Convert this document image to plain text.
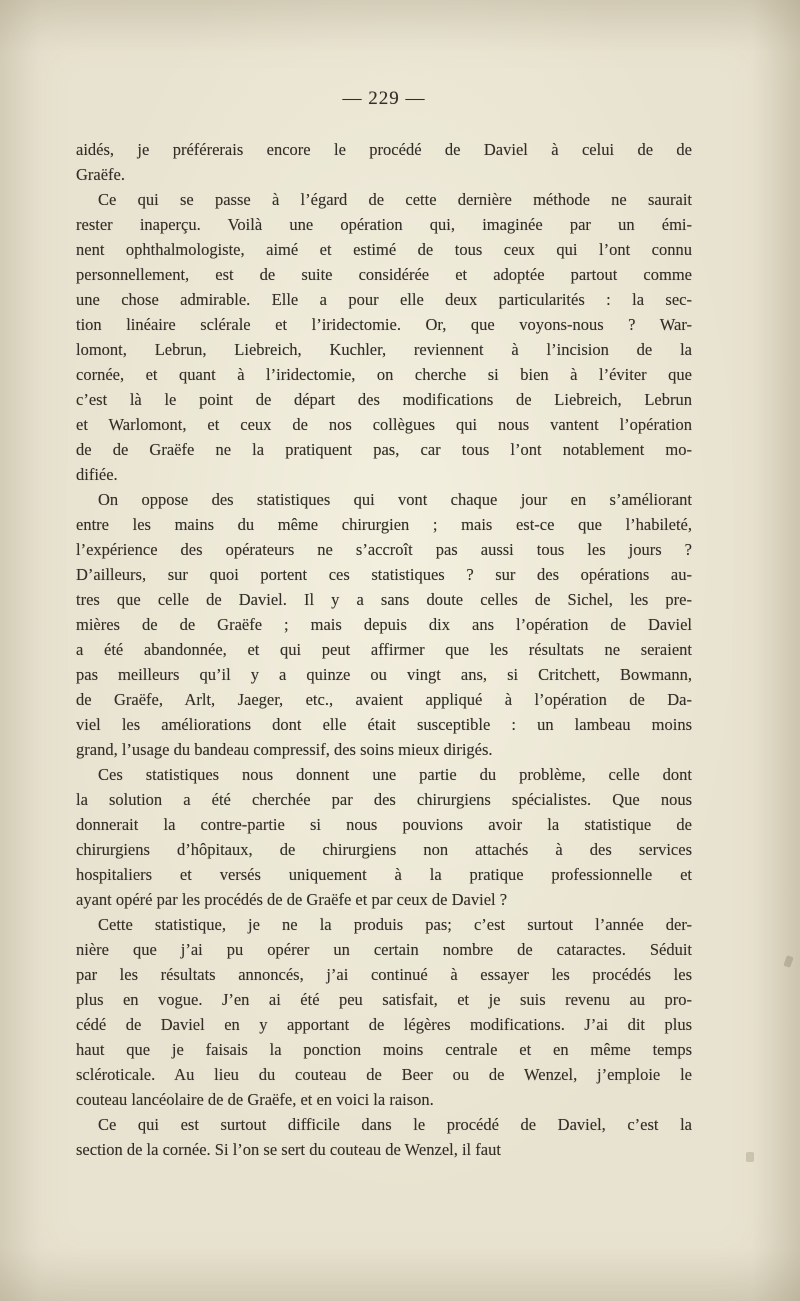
— 229 —
aidés, je préférerais encore le procédé de Daviel à celui de de
Graëfe.
Ce qui se passe à l’égard de cette dernière méthode ne saurait
rester inaperçu. Voilà une opération qui, imaginée par un émi-
nent ophthalmologiste, aimé et estimé de tous ceux qui l’ont connu
personnellement, est de suite considérée et adoptée partout comme
une chose admirable. Elle a pour elle deux particularités : la sec-
tion linéaire sclérale et l’iridectomie. Or, que voyons-nous ? War-
lomont, Lebrun, Liebreich, Kuchler, reviennent à l’incision de la
cornée, et quant à l’iridectomie, on cherche si bien à l’éviter que
c’est là le point de départ des modifications de Liebreich, Lebrun
et Warlomont, et ceux de nos collègues qui nous vantent l’opération
de de Graëfe ne la pratiquent pas, car tous l’ont notablement mo-
difiée.
On oppose des statistiques qui vont chaque jour en s’améliorant
entre les mains du même chirurgien ; mais est-ce que l’habileté,
l’expérience des opérateurs ne s’accroît pas aussi tous les jours ?
D’ailleurs, sur quoi portent ces statistiques ? sur des opérations au-
tres que celle de Daviel. Il y a sans doute celles de Sichel, les pre-
mières de de Graëfe ; mais depuis dix ans l’opération de Daviel
a été abandonnée, et qui peut affirmer que les résultats ne seraient
pas meilleurs qu’il y a quinze ou vingt ans, si Critchett, Bowmann,
de Graëfe, Arlt, Jaeger, etc., avaient appliqué à l’opération de Da-
viel les améliorations dont elle était susceptible : un lambeau moins
grand, l’usage du bandeau compressif, des soins mieux dirigés.
Ces statistiques nous donnent une partie du problème, celle dont
la solution a été cherchée par des chirurgiens spécialistes. Que nous
donnerait la contre-partie si nous pouvions avoir la statistique de
chirurgiens d’hôpitaux, de chirurgiens non attachés à des services
hospitaliers et versés uniquement à la pratique professionnelle et
ayant opéré par les procédés de de Graëfe et par ceux de Daviel ?
Cette statistique, je ne la produis pas; c’est surtout l’année der-
nière que j’ai pu opérer un certain nombre de cataractes. Séduit
par les résultats annoncés, j’ai continué à essayer les procédés les
plus en vogue. J’en ai été peu satisfait, et je suis revenu au pro-
cédé de Daviel en y apportant de légères modifications. J’ai dit plus
haut que je faisais la ponction moins centrale et en même temps
scléroticale. Au lieu du couteau de Beer ou de Wenzel, j’emploie le
couteau lancéolaire de de Graëfe, et en voici la raison.
Ce qui est surtout difficile dans le procédé de Daviel, c’est la
section de la cornée. Si l’on se sert du couteau de Wenzel, il faut
